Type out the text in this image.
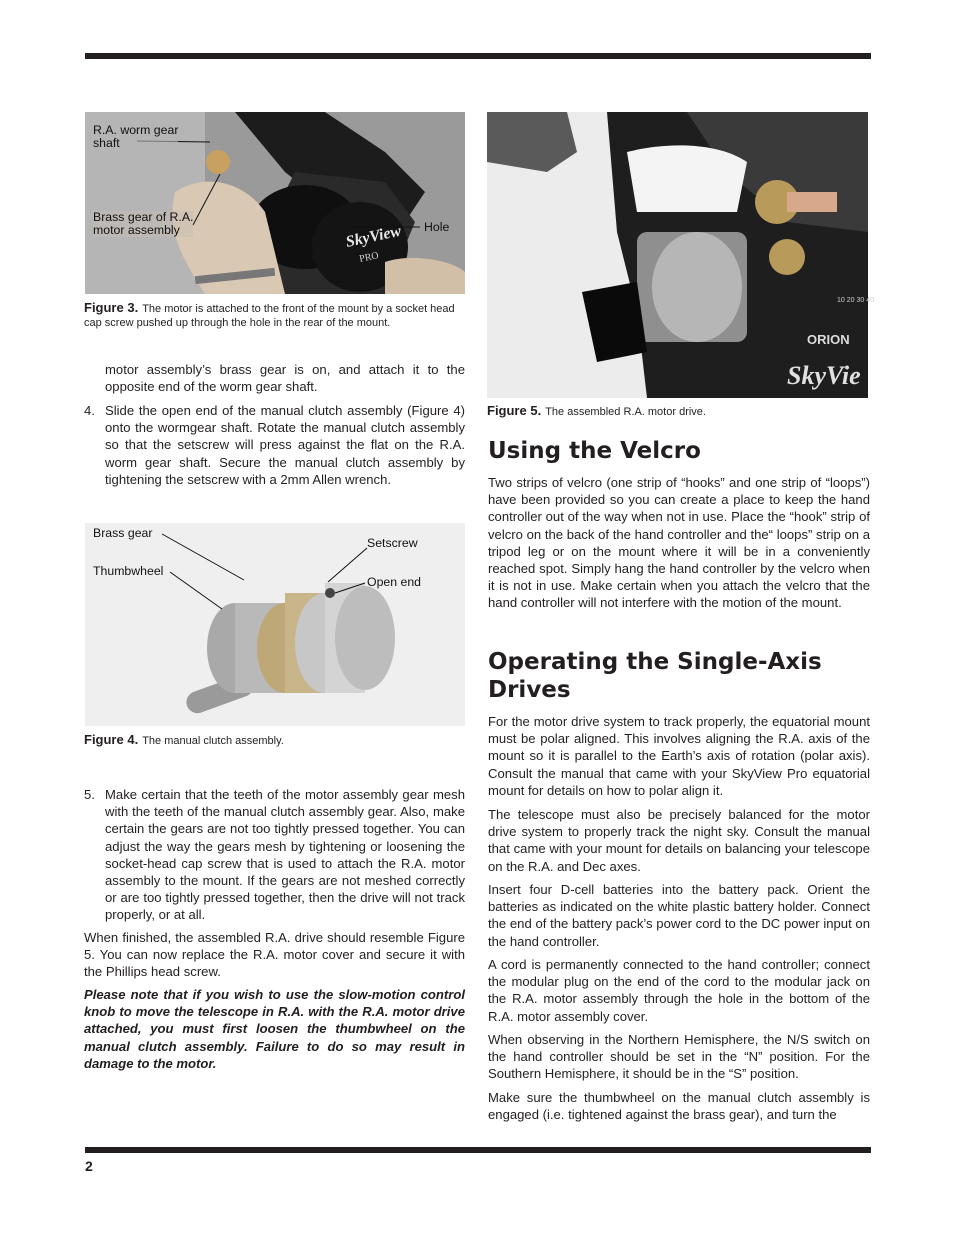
SkyView
PRO
R.A. worm gear
shaft
Brass gear of R.A.
motor assembly	Hole
Figure 3. The motor is attached to the front of the mount by a socket head cap screw pushed up through the hole in the rear of the mount.

motor assembly’s brass gear is on, and attach it to the opposite end of the worm gear shaft.

4. Slide the open end of the manual clutch assembly (Figure 4) onto the wormgear shaft. Rotate the manual clutch assembly so that the setscrew will press against the flat on the R.A. worm gear shaft. Secure the manual clutch assembly by tightening the setscrew with a 2mm Allen wrench.
Brass gear
Thumbwheel
Setscrew
Open end
Figure 4. The manual clutch assembly.
5. Make certain that the teeth of the motor assembly gear mesh with the teeth of the manual clutch assembly gear. Also, make certain the gears are not too tightly pressed together. You can adjust the way the gears mesh by tightening or loosening the socket-head cap screw that is used to attach the R.A. motor assembly to the mount. If the gears are not meshed correctly or are too tightly pressed together, then the drive will not track properly, or at all.

When finished, the assembled R.A. drive should resemble Figure 5. You can now replace the R.A. motor cover and secure it with the Phillips head screw.

Please note that if you wish to use the slow-motion control knob to move the telescope in R.A. with the R.A. motor drive attached, you must first loosen the thumbwheel on the manual clutch assembly. Failure to do so may result in damage to the motor.

ORION
SkyVie
10 20 30 40
Figure 5. The assembled R.A. motor drive.
Using the Velcro

Two strips of velcro (one strip of “hooks” and one strip of “loops”) have been provided so you can create a place to keep the hand controller out of the way when not in use. Place the “hook” strip of velcro on the back of the hand controller and the“ loops” strip on a tripod leg or on the mount where it will be in a conveniently reached spot. Simply hang the hand controller by the velcro when it is not in use. Make certain when you attach the velcro that the hand controller will not interfere with the motion of the mount.

Operating the Single-Axis Drives

For the motor drive system to track properly, the equatorial mount must be polar aligned. This involves aligning the R.A. axis of the mount so it is parallel to the Earth’s axis of rotation (polar axis). Consult the manual that came with your SkyView Pro equatorial mount for details on how to polar align it.

The telescope must also be precisely balanced for the motor drive system to properly track the night sky. Consult the manual that came with your mount for details on balancing your telescope on the R.A. and Dec axes.

Insert four D-cell batteries into the battery pack. Orient the batteries as indicated on the white plastic battery holder. Connect the end of the battery pack’s power cord to the DC power input on the hand controller.

A cord is permanently connected to the hand controller; connect the modular plug on the end of the cord to the modular jack on the R.A. motor assembly through the hole in the bottom of the R.A. motor assembly cover.

When observing in the Northern Hemisphere, the N/S switch on the hand controller should be set in the “N” position. For the Southern Hemisphere, it should be in the “S” position.

Make sure the thumbwheel on the manual clutch assembly is engaged (i.e. tightened against the brass gear), and turn the

2
